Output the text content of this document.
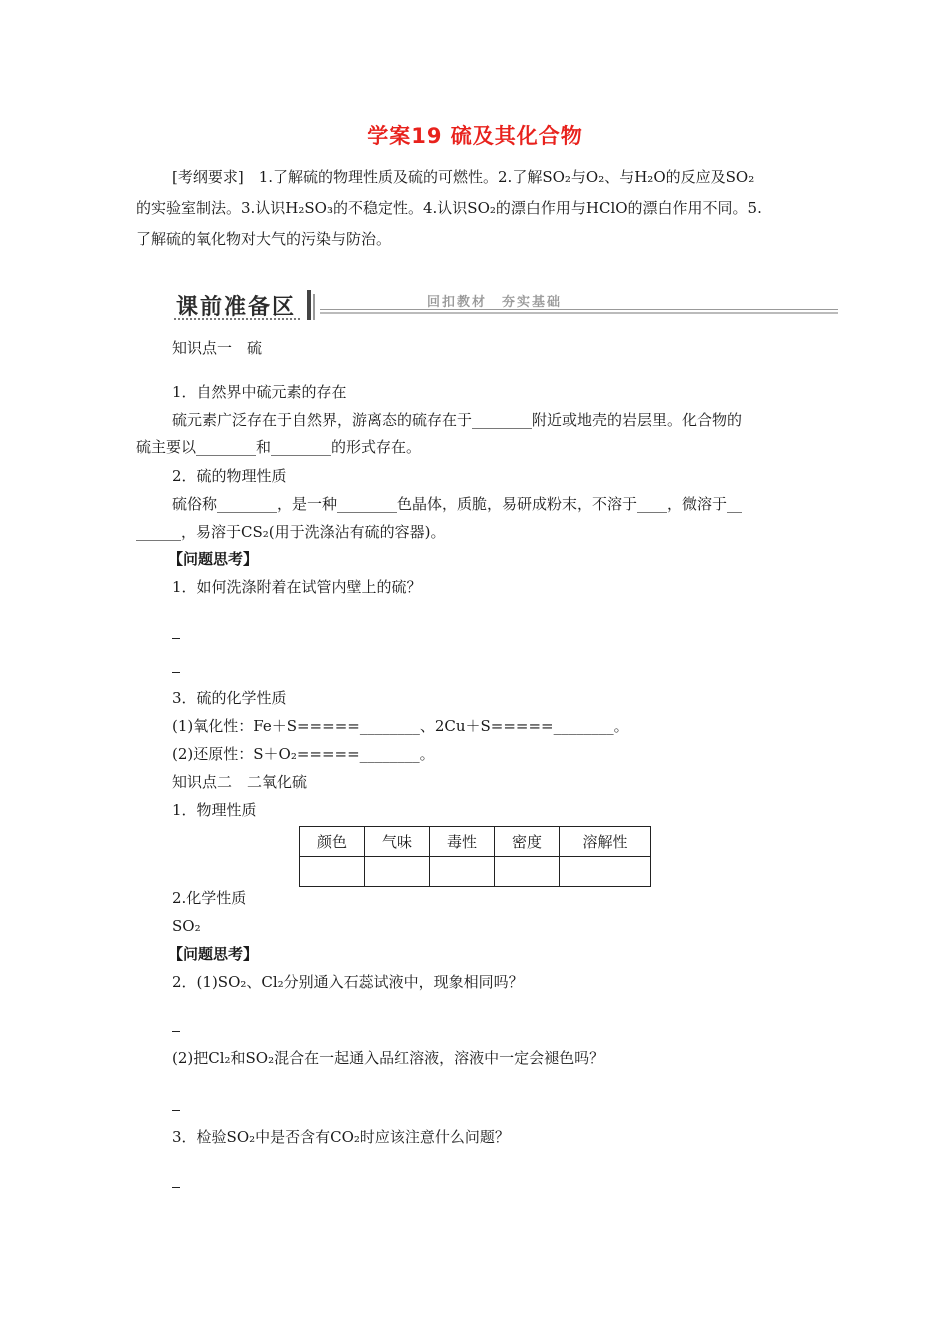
学案19 硫及其化合物

[考纲要求]　1.了解硫的物理性质及硫的可燃性。2.了解SO₂与O₂、与H₂O的反应及SO₂

的实验室制法。3.认识H₂SO₃的不稳定性。4.认识SO₂的漂白作用与HClO的漂白作用不同。5.

了解硫的氧化物对大气的污染与防治。

课前准备区	回扣教材　夯实基础
知识点一　硫
1．自然界中硫元素的存在
硫元素广泛存在于自然界，游离态的硫存在于________附近或地壳的岩层里。化合物的
硫主要以________和________的形式存在。
2．硫的物理性质
硫俗称________，是一种________色晶体，质脆，易研成粉末，不溶于____，微溶于__
______，易溶于CS₂(用于洗涤沾有硫的容器)。
【问题思考】
1．如何洗涤附着在试管内壁上的硫？
3．硫的化学性质
(1)氧化性：Fe＋S=====________、2Cu＋S=====________。
(2)还原性：S＋O₂=====________。
知识点二　二氧化硫
1．物理性质
颜色	气味	毒性	密度	溶解性

2.化学性质
SO₂
【问题思考】
2．(1)SO₂、Cl₂分别通入石蕊试液中，现象相同吗？
(2)把Cl₂和SO₂混合在一起通入品红溶液，溶液中一定会褪色吗？
3．检验SO₂中是否含有CO₂时应该注意什么问题？
